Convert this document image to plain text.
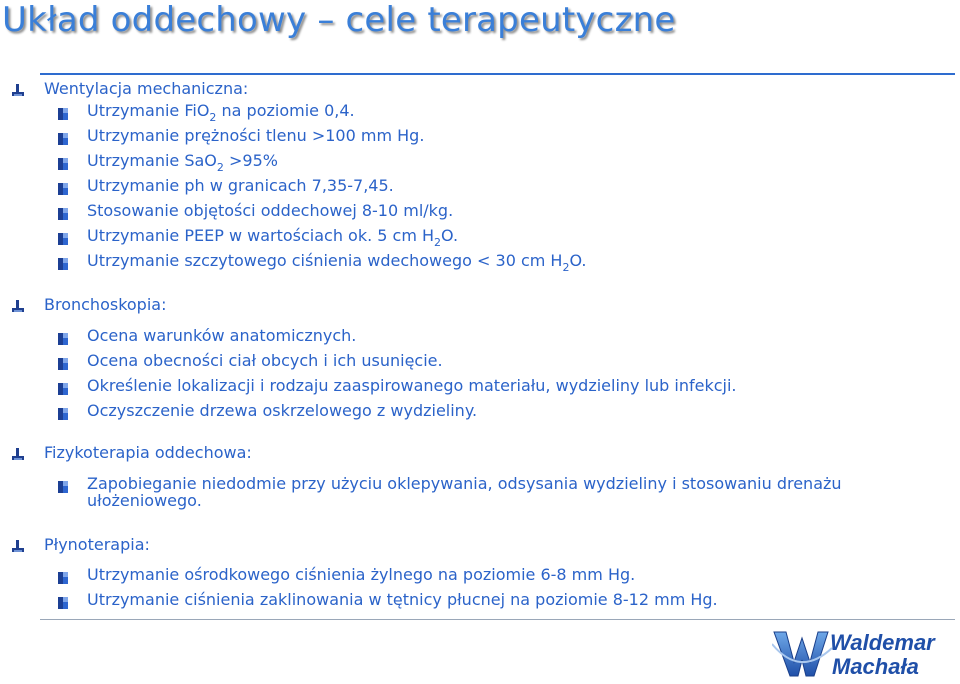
Układ oddechowy – cele terapeutyczne
Wentylacja mechaniczna:
Utrzymanie FiO$_2$ na poziomie 0,4.
Utrzymanie prężności tlenu >100 mm Hg.
Utrzymanie SaO$_2$ >95%
Utrzymanie ph w granicach 7,35-7,45.
Stosowanie objętości oddechowej 8-10 ml/kg.
Utrzymanie PEEP w wartościach ok. 5 cm $H_2O$.
Utrzymanie szczytowego ciśnienia wdechowego < 30 cm $H_2O$.
Bronchoskopia:
Ocena warunków anatomicznych.
Ocena obecności ciał obcych i ich usunięcie.
Określenie lokalizacji i rodzaju zaaspirowanego materiału, wydzieliny lub infekcji.
Oczyszczenie drzewa oskrzelowego z wydzieliny.
Fizykoterapia oddechowa:
Zapobieganie niedodmie przy użyciu oklepywania, odsysania wydzieliny i stosowaniu drenażu ułożeniowego.
Płynoterapia:
Utrzymanie ośrodkowego ciśnienia żylnego na poziomie 6-8 mm Hg.
Utrzymanie ciśnienia zaklinowania w tętnicy płucnej na poziomie 8-12 mm Hg.
Waldemar
Machała
